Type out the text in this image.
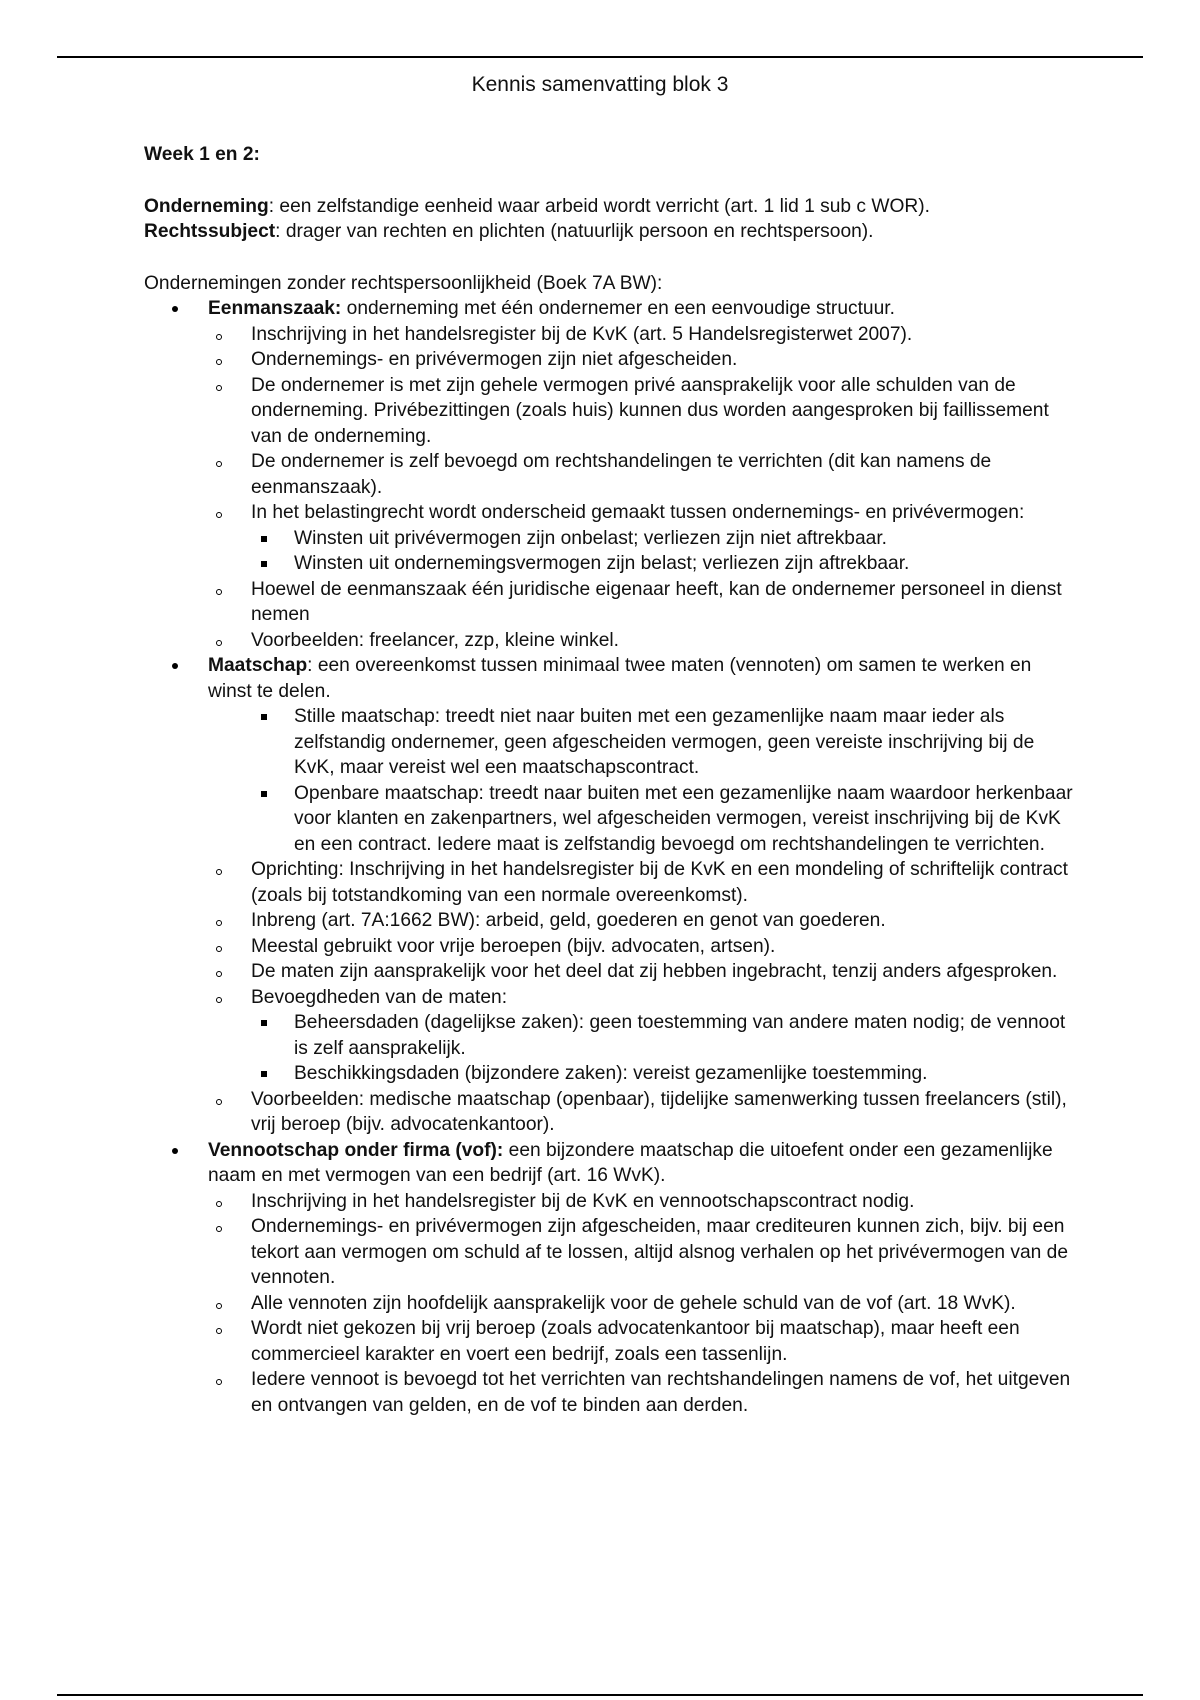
Kennis samenvatting blok 3

Week 1 en 2:

Onderneming: een zelfstandige eenheid waar arbeid wordt verricht (art. 1 lid 1 sub c WOR).

Rechtssubject: drager van rechten en plichten (natuurlijk persoon en rechtspersoon).

Ondernemingen zonder rechtspersoonlijkheid (Boek 7A BW):

Eenmanszaak: onderneming met één ondernemer en een eenvoudige structuur.
Inschrijving in het handelsregister bij de KvK (art. 5 Handelsregisterwet 2007).
Ondernemings- en privévermogen zijn niet afgescheiden.
De ondernemer is met zijn gehele vermogen privé aansprakelijk voor alle schulden van de onderneming. Privébezittingen (zoals huis) kunnen dus worden aangesproken bij faillissement van de onderneming.
De ondernemer is zelf bevoegd om rechtshandelingen te verrichten (dit kan namens de eenmanszaak).
In het belastingrecht wordt onderscheid gemaakt tussen ondernemings- en privévermogen:
Winsten uit privévermogen zijn onbelast; verliezen zijn niet aftrekbaar.
Winsten uit ondernemingsvermogen zijn belast; verliezen zijn aftrekbaar.
Hoewel de eenmanszaak één juridische eigenaar heeft, kan de ondernemer personeel in dienst nemen
Voorbeelden: freelancer, zzp, kleine winkel.
Maatschap: een overeenkomst tussen minimaal twee maten (vennoten) om samen te werken en winst te delen.
Stille maatschap: treedt niet naar buiten met een gezamenlijke naam maar ieder als zelfstandig ondernemer, geen afgescheiden vermogen, geen vereiste inschrijving bij de KvK, maar vereist wel een maatschapscontract.
Openbare maatschap: treedt naar buiten met een gezamenlijke naam waardoor herkenbaar voor klanten en zakenpartners, wel afgescheiden vermogen, vereist inschrijving bij de KvK en een contract. Iedere maat is zelfstandig bevoegd om rechtshandelingen te verrichten.
Oprichting: Inschrijving in het handelsregister bij de KvK en een mondeling of schriftelijk contract (zoals bij totstandkoming van een normale overeenkomst).
Inbreng (art. 7A:1662 BW): arbeid, geld, goederen en genot van goederen.
Meestal gebruikt voor vrije beroepen (bijv. advocaten, artsen).
De maten zijn aansprakelijk voor het deel dat zij hebben ingebracht, tenzij anders afgesproken.
Bevoegdheden van de maten:
Beheersdaden (dagelijkse zaken): geen toestemming van andere maten nodig; de vennoot is zelf aansprakelijk.
Beschikkingsdaden (bijzondere zaken): vereist gezamenlijke toestemming.
Voorbeelden: medische maatschap (openbaar), tijdelijke samenwerking tussen freelancers (stil), vrij beroep (bijv. advocatenkantoor).
Vennootschap onder firma (vof): een bijzondere maatschap die uitoefent onder een gezamenlijke naam en met vermogen van een bedrijf (art. 16 WvK).
Inschrijving in het handelsregister bij de KvK en vennootschapscontract nodig.
Ondernemings- en privévermogen zijn afgescheiden, maar crediteuren kunnen zich, bijv. bij een tekort aan vermogen om schuld af te lossen, altijd alsnog verhalen op het privévermogen van de vennoten.
Alle vennoten zijn hoofdelijk aansprakelijk voor de gehele schuld van de vof (art. 18 WvK).
Wordt niet gekozen bij vrij beroep (zoals advocatenkantoor bij maatschap), maar heeft een commercieel karakter en voert een bedrijf, zoals een tassenlijn.
Iedere vennoot is bevoegd tot het verrichten van rechtshandelingen namens de vof, het uitgeven en ontvangen van gelden, en de vof te binden aan derden.
